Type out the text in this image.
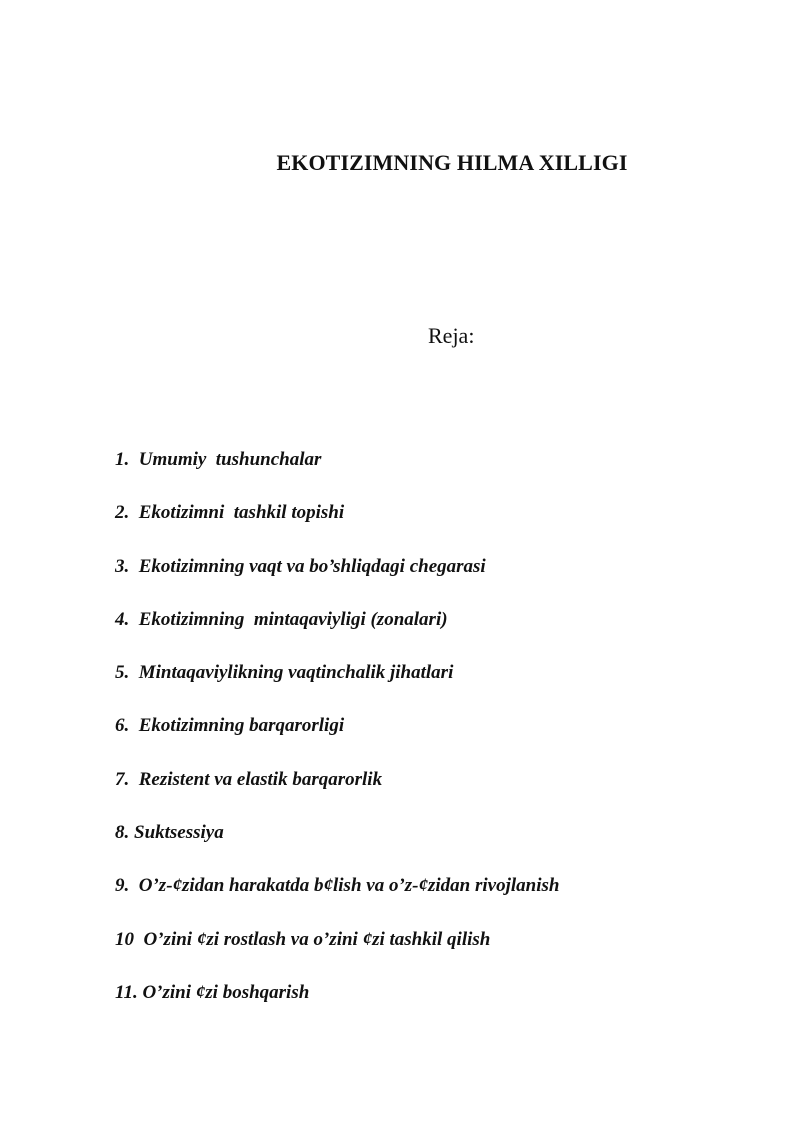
EKOTIZIMNING HILMA XILLIGI

Reja:

1.  Umumiy  tushunchalar
2.  Ekotizimni  tashkil topishi
3.  Ekotizimning vaqt va bo’shliqdagi chegarasi
4.  Ekotizimning  mintaqaviyligi (zonalari)
5.  Mintaqaviylikning vaqtinchalik jihatlari
6.  Ekotizimning barqarorligi
7.  Rezistent va elastik barqarorlik
8. Suktsessiya
9.  O’z-¢zidan harakatda b¢lish va o’z-¢zidan rivojlanish
10  O’zini ¢zi rostlash va o’zini ¢zi tashkil qilish
11. O’zini ¢zi boshqarish
